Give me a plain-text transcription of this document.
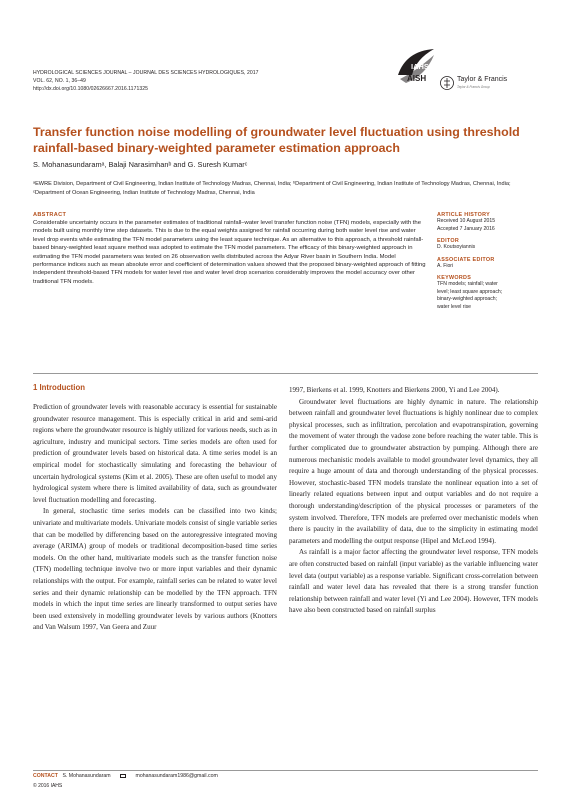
HYDROLOGICAL SCIENCES JOURNAL – JOURNAL DES SCIENCES HYDROLOGIQUES, 2017
VOL. 62, NO. 1, 36–49
http://dx.doi.org/10.1080/02626667.2016.1171325
IAHS
AISH	Taylor & Francis
Taylor & Francis Group
Transfer function noise modelling of groundwater level fluctuation using threshold rainfall-based binary-weighted parameter estimation approach
S. Mohanasundaramᵃ, Balaji Narasimhanᵇ and G. Suresh Kumarᶜ
ᵃEWRE Division, Department of Civil Engineering, Indian Institute of Technology Madras, Chennai, India; ᵇDepartment of Civil Engineering, Indian Institute of Technology Madras, Chennai, India; ᶜDepartment of Ocean Engineering, Indian Institute of Technology Madras, Chennai, India
ABSTRACT
Considerable uncertainty occurs in the parameter estimates of traditional rainfall–water level transfer function noise (TFN) models, especially with the models built using monthly time step datasets. This is due to the equal weights assigned for rainfall occurring during both water level rise and water level drop events while estimating the TFN model parameters using the least square technique. As an alternative to this approach, a threshold rainfall-based binary-weighted least square method was adopted to estimate the TFN model parameters. The efficacy of this binary-weighted approach in estimating the TFN model parameters was tested on 26 observation wells distributed across the Adyar River basin in Southern India. Model performance indices such as mean absolute error and coefficient of determination values showed that the proposed binary-weighted approach of fitting independent threshold-based TFN models for water level rise and water level drop scenarios considerably improves the model accuracy over other traditional TFN models.
ARTICLE HISTORY
Received 10 August 2015
Accepted 7 January 2016
EDITOR
D. Koutsoyiannis
ASSOCIATE EDITOR
A. Fiori
KEYWORDS
TFN models; rainfall; water
level; least square approach;
binary-weighted approach;
water level rise
1 Introduction

Prediction of groundwater levels with reasonable accuracy is essential for sustainable groundwater resource management. This is especially critical in arid and semi-arid regions where the groundwater resource is highly utilized for various needs, such as in agriculture, industry and municipal sectors. Time series models are often used for prediction of groundwater levels based on historical data. A time series model is an empirical model for stochastically simulating and forecasting the behaviour of uncertain hydrological systems (Kim et al. 2005). These are often useful to model any hydrological system where there is limited availability of data, such as groundwater level fluctuation modelling and forecasting.

In general, stochastic time series models can be classified into two kinds; univariate and multivariate models. Univariate models consist of single variable series that can be modelled by differencing based on the autoregressive integrated moving average (ARIMA) group of models or traditional decomposition-based time series models. On the other hand, multivariate models such as the transfer function noise (TFN) modelling technique involve two or more input variables and their dynamic relationships with the output. For example, rainfall series can be related to water level series and their dynamic relationship can be modelled by the TFN approach. TFN models in which the input time series are linearly transformed to output series have been used extensively in modelling groundwater levels by various authors (Knotters and Van Walsum 1997, Van Geera and Zuur

1997, Bierkens et al. 1999, Knotters and Bierkens 2000, Yi and Lee 2004).

Groundwater level fluctuations are highly dynamic in nature. The relationship between rainfall and groundwater level fluctuations is highly nonlinear due to complex physical processes, such as infiltration, percolation and evapotranspiration, governing the movement of water through the vadose zone before reaching the water table. This is further complicated due to groundwater abstraction by pumping. Although there are numerous mechanistic models available to model groundwater level dynamics, they all require a huge amount of data and thorough understanding of the physical processes. However, stochastic-based TFN models translate the nonlinear equation into a set of linearly related equations between input and output variables and do not require a thorough understanding/description of the physical processes or parameters of the system involved. Therefore, TFN models are preferred over mechanistic models when there is paucity in the availability of data, due to the simplicity in estimating model parameters and modelling the output response (Hipel and McLeod 1994).

As rainfall is a major factor affecting the groundwater level response, TFN models are often constructed based on rainfall (input variable) as the variable influencing water level data (output variable) as a response variable. Significant cross-correlation between rainfall and water level data has revealed that there is a strong transfer function relationship between rainfall and water level (Yi and Lee 2004). However, TFN models have also been constructed based on rainfall surplus

CONTACT S. Mohanasundaram	mohanasundaram1986@gmail.com
© 2016 IAHS
